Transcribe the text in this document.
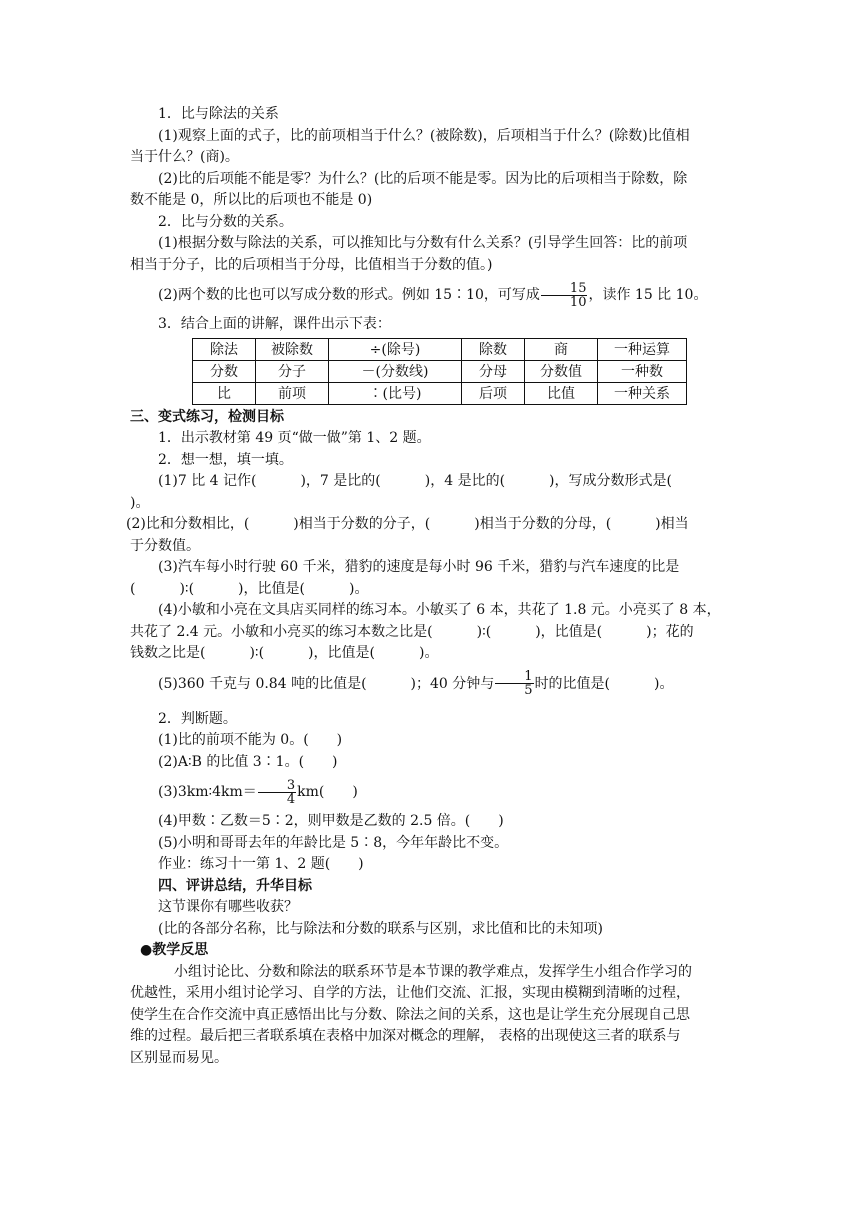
1．比与除法的关系

(1)观察上面的式子，比的前项相当于什么？(被除数)，后项相当于什么？(除数)比值相

当于什么？(商)。

(2)比的后项能不能是零？为什么？(比的后项不能是零。因为比的后项相当于除数，除

数不能是 0，所以比的后项也不能是 0)

2．比与分数的关系。

(1)根据分数与除法的关系，可以推知比与分数有什么关系？(引导学生回答：比的前项

相当于分子，比的后项相当于分母，比值相当于分数的值。)

(2)两个数的比也可以写成分数的形式。例如 15∶10，可写成 $\frac{15}{10}$ ，读作 15 比 10。

3．结合上面的讲解，课件出示下表：

除法	被除数	÷(除号)	除数	商	一种运算
分数	分子	－(分数线)	分母	分数值	一种数
比	前项	∶(比号)	后项	比值	一种关系

三、变式练习，检测目标

1．出示教材第 49 页“做一做”第 1、2 题。

2．想一想，填一填。

(1)7 比 4 记作(	)，7 是比的(	)，4 是比的(	)，写成分数形式是()。

(2)比和分数相比，(	)相当于分数的分子，(	)相当于分数的分母，(	)相当

于分数值。

(3)汽车每小时行驶 60 千米，猎豹的速度是每小时 96 千米，猎豹与汽车速度的比是

(	)∶(	)，比值是(	)。

(4)小敏和小亮在文具店买同样的练习本。小敏买了 6 本，共花了 1.8 元。小亮买了 8 本，

共花了 2.4 元。小敏和小亮买的练习本数之比是(	)∶(	)，比值是(	)；花的

钱数之比是(	)∶(	)，比值是(	)。

(5)360 千克与 0.84 吨的比值是(	)；40 分钟与 $\frac{1}{5}$ 时的比值是(	)。

2．判断题。

(1)比的前项不能为 0。(　　)

(2)A∶B 的比值 3∶1。(　　)

(3)3km∶4km＝ $\frac{3}{4} km$(　　)

(4)甲数∶乙数＝5∶2，则甲数是乙数的 2.5 倍。(　　)

(5)小明和哥哥去年的年龄比是 5∶8，今年年龄比不变。

作业：练习十一第 1、2 题(　　)

四、评讲总结，升华目标

这节课你有哪些收获？

(比的各部分名称，比与除法和分数的联系与区别，求比值和比的未知项)

●教学反思

小组讨论比、分数和除法的联系环节是本节课的教学难点，发挥学生小组合作学习的

优越性，采用小组讨论学习、自学的方法，让他们交流、汇报，实现由模糊到清晰的过程，

使学生在合作交流中真正感悟出比与分数、除法之间的关系，这也是让学生充分展现自己思

维的过程。最后把三者联系填在表格中加深对概念的理解， 表格的出现使这三者的联系与

区别显而易见。
